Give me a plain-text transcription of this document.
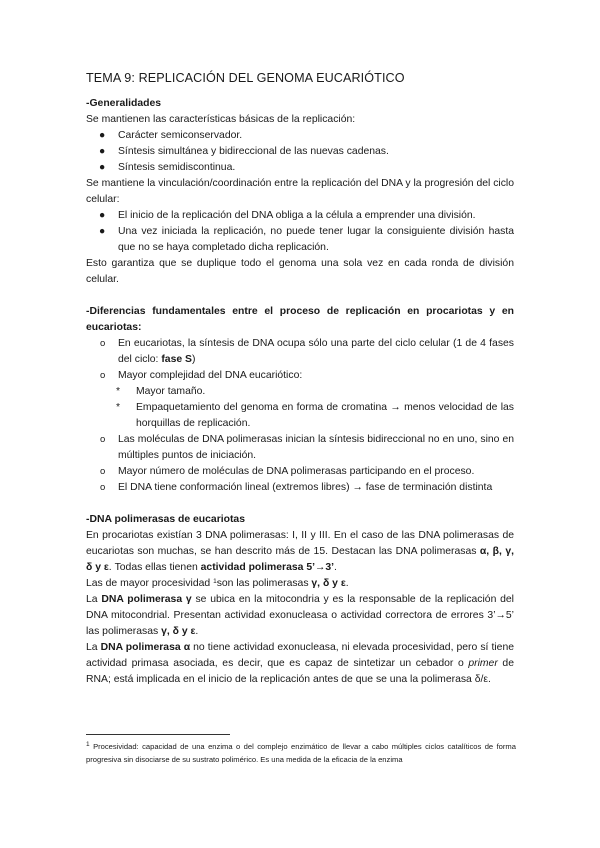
TEMA 9: REPLICACIÓN DEL GENOMA EUCARIÓTICO

-Generalidades

Se mantienen las características básicas de la replicación:

● Carácter semiconservador.
● Síntesis simultánea y bidireccional de las nuevas cadenas.
● Síntesis semidiscontinua.

Se mantiene la vinculación/coordinación entre la replicación del DNA y la progresión del ciclo celular:

● El inicio de la replicación del DNA obliga a la célula a emprender una división.
● Una vez iniciada la replicación, no puede tener lugar la consiguiente división hasta que no se haya completado dicha replicación.

Esto garantiza que se duplique todo el genoma una sola vez en cada ronda de división celular.

-Diferencias fundamentales entre el proceso de replicación en procariotas y en eucariotas:

o En eucariotas, la síntesis de DNA ocupa sólo una parte del ciclo celular (1 de 4 fases del ciclo: fase S)
o Mayor complejidad del DNA eucariótico:
* Mayor tamaño.
* Empaquetamiento del genoma en forma de cromatina → menos velocidad de las horquillas de replicación.
o Las moléculas de DNA polimerasas inician la síntesis bidireccional no en uno, sino en múltiples puntos de iniciación.
o Mayor número de moléculas de DNA polimerasas participando en el proceso.
o El DNA tiene conformación lineal (extremos libres) → fase de terminación distinta

-DNA polimerasas de eucariotas

En procariotas existían 3 DNA polimerasas: I, II y III. En el caso de las DNA polimerasas de eucariotas son muchas, se han descrito más de 15. Destacan las DNA polimerasas α, β, γ, δ y ε. Todas ellas tienen actividad polimerasa 5’→3’.

Las de mayor procesividad $^1$son las polimerasas γ, δ y ε.

La DNA polimerasa γ se ubica en la mitocondria y es la responsable de la replicación del DNA mitocondrial. Presentan actividad exonucleasa o actividad correctora de errores 3’→5’ las polimerasas γ, δ y ε.

La DNA polimerasa α no tiene actividad exonucleasa, ni elevada procesividad, pero sí tiene actividad primasa asociada, es decir, que es capaz de sintetizar un cebador o primer de RNA; está implicada en el inicio de la replicación antes de que se una la polimerasa δ/ε.

$^1$ Procesividad: capacidad de una enzima o del complejo enzimático de llevar a cabo múltiples ciclos catalíticos de forma progresiva sin disociarse de su sustrato polimérico. Es una medida de la eficacia de la enzima
